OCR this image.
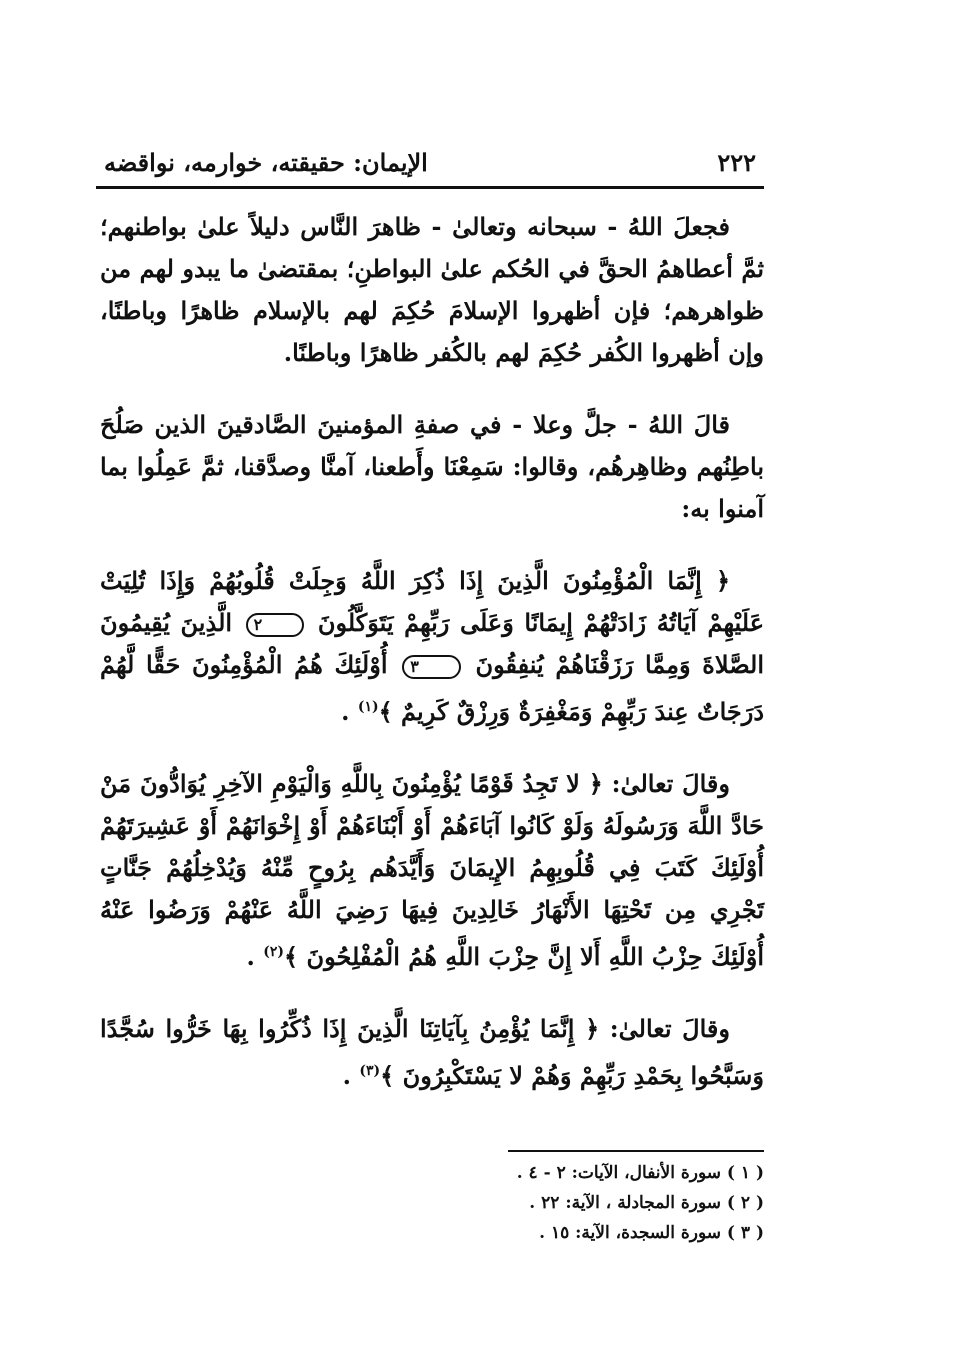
٢٢٢
الإيمان: حقيقته، خوارمه، نواقضه

فجعلَ اللهُ - سبحانه وتعالىٰ - ظاهرَ النَّاس دليلاً علىٰ بواطنهم؛ ثمَّ أعطاهمُ الحقَّ في الحُكم علىٰ البواطنِ؛ بمقتضىٰ ما يبدو لهم من ظواهرهم؛ فإن أظهروا الإسلامَ حُكِمَ لهم بالإسلام ظاهرًا وباطنًا، وإن أظهروا الكُفر حُكِمَ لهم بالكُفر ظاهرًا وباطنًا.

قالَ اللهُ - جلَّ وعلا - في صفةِ المؤمنينَ الصَّادقينَ الذين صَلُحَ باطِنُهم وظاهِرهُم، وقالوا: سَمِعْنَا وأَطعنا، آمنَّا وصدَّقنا، ثمَّ عَمِلُوا بما آمنوا به:

﴿ إِنَّمَا الْمُؤْمِنُونَ الَّذِينَ إِذَا ذُكِرَ اللَّهُ وَجِلَتْ قُلُوبُهُمْ وَإِذَا تُلِيَتْ عَلَيْهِمْ آيَاتُهُ زَادَتْهُمْ إِيمَانًا وَعَلَى رَبِّهِمْ يَتَوَكَّلُونَ ٢ الَّذِينَ يُقِيمُونَ الصَّلاةَ وَمِمَّا رَزَقْنَاهُمْ يُنفِقُونَ ٣ أُوْلَئِكَ هُمُ الْمُؤْمِنُونَ حَقًّا لَّهُمْ دَرَجَاتٌ عِندَ رَبِّهِمْ وَمَغْفِرَةٌ وَرِزْقٌ كَرِيمٌ ﴾$^{(١)}$ .

وقالَ تعالىٰ: ﴿ لا تَجِدُ قَوْمًا يُؤْمِنُونَ بِاللَّهِ وَالْيَوْمِ الآخِرِ يُوَادُّونَ مَنْ حَادَّ اللَّهَ وَرَسُولَهُ وَلَوْ كَانُوا آبَاءَهُمْ أَوْ أَبْنَاءَهُمْ أَوْ إِخْوَانَهُمْ أَوْ عَشِيرَتَهُمْ أُوْلَئِكَ كَتَبَ فِي قُلُوبِهِمُ الإِيمَانَ وَأَيَّدَهُم بِرُوحٍ مِّنْهُ وَيُدْخِلُهُمْ جَنَّاتٍ تَجْرِي مِن تَحْتِهَا الأَنْهَارُ خَالِدِينَ فِيهَا رَضِيَ اللَّهُ عَنْهُمْ وَرَضُوا عَنْهُ أُوْلَئِكَ حِزْبُ اللَّهِ أَلا إِنَّ حِزْبَ اللَّهِ هُمُ الْمُفْلِحُونَ ﴾$^{(٢)}$ .

وقالَ تعالىٰ: ﴿ إِنَّمَا يُؤْمِنُ بِآيَاتِنَا الَّذِينَ إِذَا ذُكِّرُوا بِهَا خَرُّوا سُجَّدًا وَسَبَّحُوا بِحَمْدِ رَبِّهِمْ وَهُمْ لا يَسْتَكْبِرُونَ ﴾$^{(٣)}$ .

( ١ ) سورة الأنفال، الآيات: ٢ - ٤ .
( ٢ ) سورة المجادلة ، الآية: ٢٢ .
( ٣ ) سورة السجدة، الآية: ١٥ .
